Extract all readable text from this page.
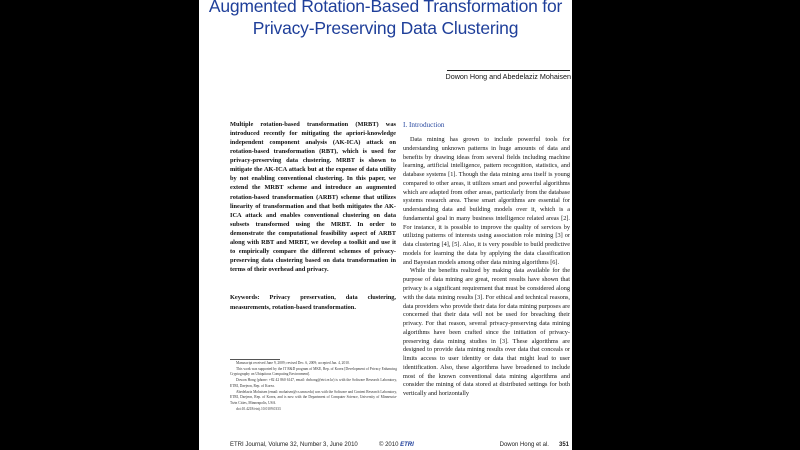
Augmented Rotation-Based Transformation for
Privacy-Preserving Data Clustering
Dowon Hong and Abedelaziz Mohaisen

Multiple rotation-based transformation (MRBT) was introduced recently for mitigating the apriori-knowledge independent component analysis (AK-ICA) attack on rotation-based transformation (RBT), which is used for privacy-preserving data clustering. MRBT is shown to mitigate the AK-ICA attack but at the expense of data utility by not enabling conventional clustering. In this paper, we extend the MRBT scheme and introduce an augmented rotation-based transformation (ARBT) scheme that utilizes linearity of transformation and that both mitigates the AK-ICA attack and enables conventional clustering on data subsets transformed using the MRBT. In order to demonstrate the computational feasibility aspect of ARBT along with RBT and MRBT, we develop a toolkit and use it to empirically compare the different schemes of privacy-preserving data clustering based on data transformation in terms of their overhead and privacy.

Keywords: Privacy preservation, data clustering, measurements, rotation-based transformation.

Manuscript received June 9, 2009; revised Dec. 6, 2009; accepted Jan. 4, 2010.

This work was supported by the IT R&D program of MKE, Rep. of Korea [Development of Privacy Enhancing Cryptography on Ubiquitous Computing Environment].

Dowon Hong (phone: +82 42 860 6147, email: dwhong@etri.re.kr) is with the Software Research Laboratory, ETRI, Daejeon, Rep. of Korea.

Abedelaziz Mohaisen (email: mohaisen@cs.umn.edu) was with the Software and Content Research Laboratory, ETRI, Daejeon, Rep. of Korea, and is now with the Department of Computer Science, University of Minnesota-Twin Cities, Minneapolis, USA.

doi:10.4218/etrij.10.0109.0333

I. Introduction

Data mining has grown to include powerful tools for understanding unknown patterns in huge amounts of data and benefits by drawing ideas from several fields including machine learning, artificial intelligence, pattern recognition, statistics, and database systems [1]. Though the data mining area itself is young compared to other areas, it utilizes smart and powerful algorithms which are adapted from other areas, particularly from the database systems research area. These smart algorithms are essential for understanding data and building models over it, which is a fundamental goal in many business intelligence related areas [2]. For instance, it is possible to improve the quality of services by utilizing patterns of interests using association role mining [3] or data clustering [4], [5]. Also, it is very possible to build predictive models for learning the data by applying the data classification and Bayesian models among other data mining algorithms [6].

While the benefits realized by making data available for the purpose of data mining are great, recent results have shown that privacy is a significant requirement that must be considered along with the data mining results [3]. For ethical and technical reasons, data providers who provide their data for data mining purposes are concerned that their data will not be used for breaching their privacy. For that reason, several privacy-preserving data mining algorithms have been crafted since the initiation of privacy-preserving data mining studies in [3]. These algorithms are designed to provide data mining results over data that conceals or limits access to user identity or data that might lead to user identification. Also, these algorithms have broadened to include most of the known conventional data mining algorithms and consider the mining of data stored at distributed settings for both vertically and horizontally

ETRI Journal, Volume 32, Number 3, June 2010	© 2010 ETRI	Dowon Hong et al. 351
